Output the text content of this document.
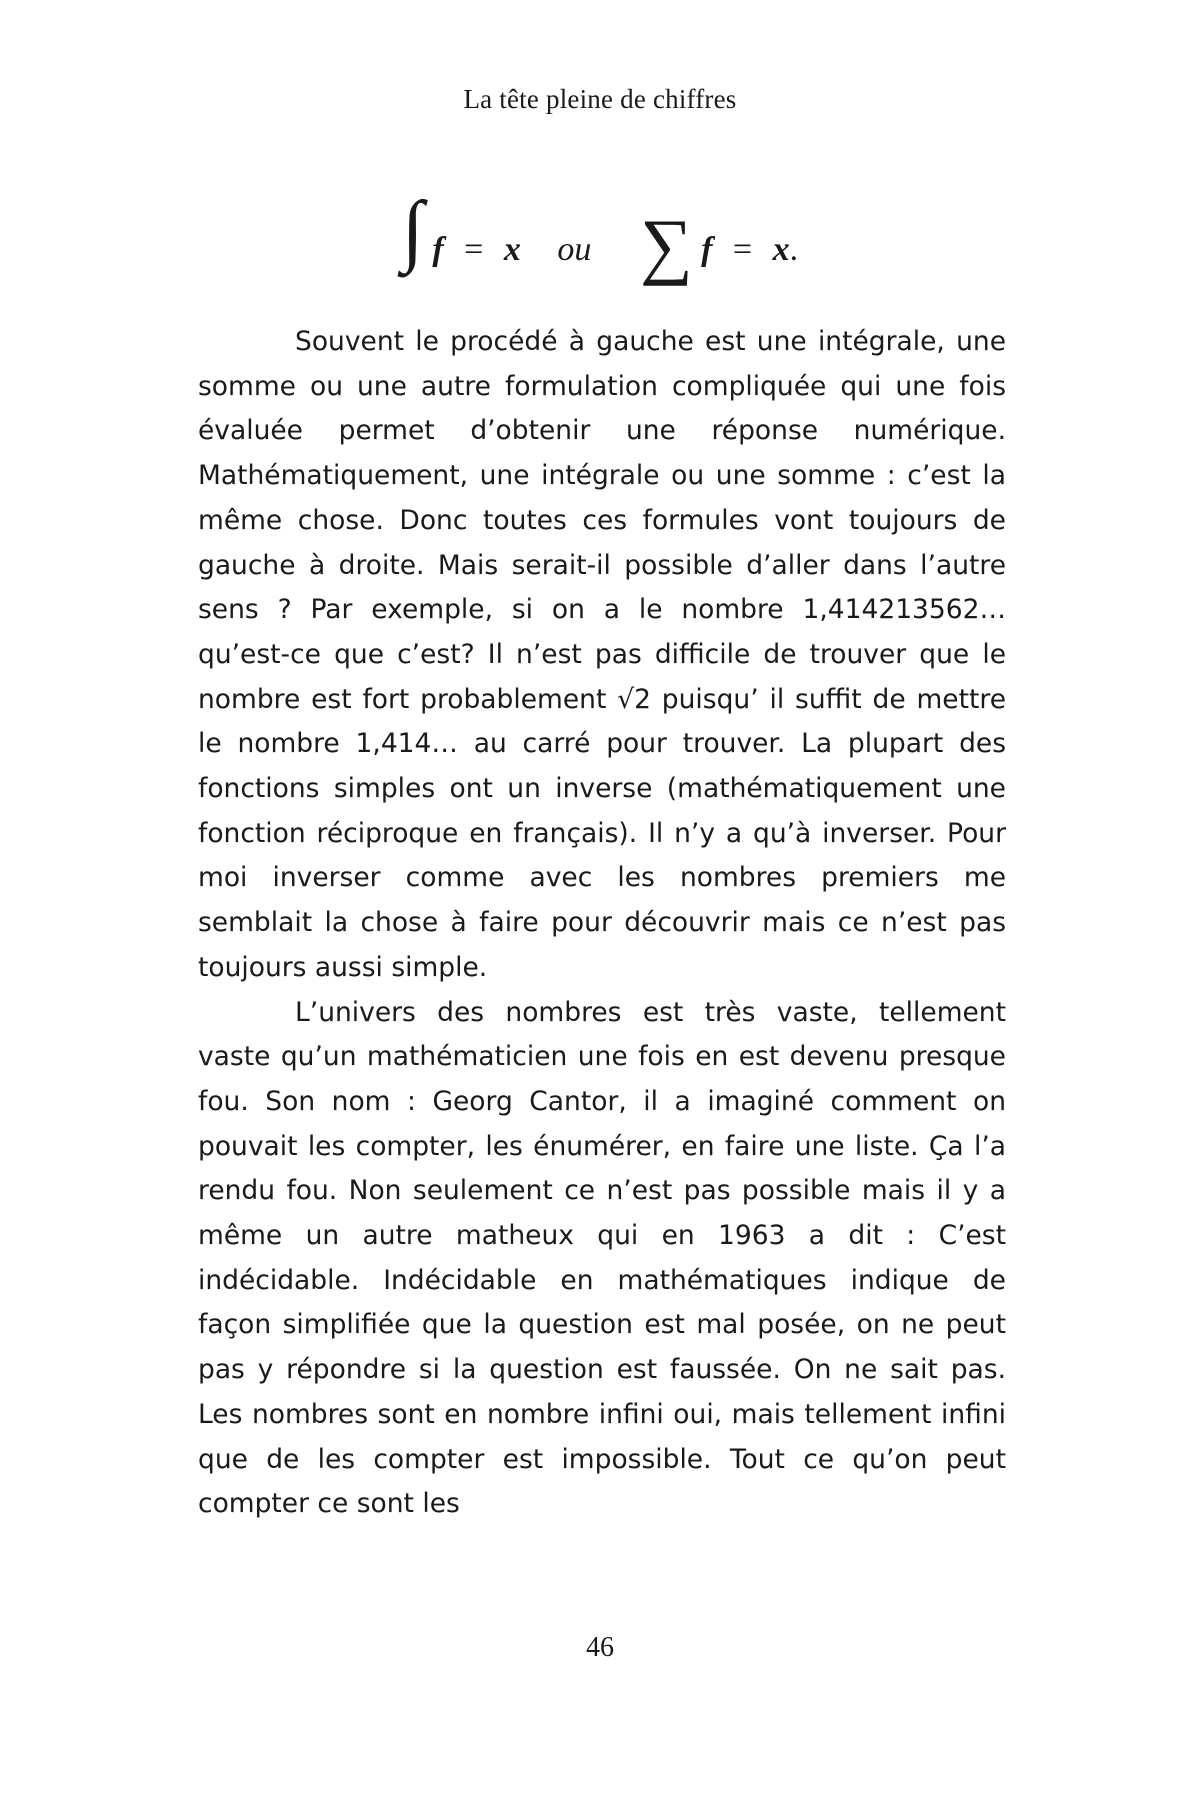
La tête pleine de chiffres
∫ f = x ou ∑ f = x.

Souvent le procédé à gauche est une intégrale, une somme ou une autre formulation compliquée qui une fois évaluée permet d’obtenir une réponse numérique. Mathématiquement, une intégrale ou une somme : c’est la même chose. Donc toutes ces formules vont toujours de gauche à droite. Mais serait-il possible d’aller dans l’autre sens ? Par exemple, si on a le nombre 1,414213562… qu’est-ce que c’est? Il n’est pas difficile de trouver que le nombre est fort probablement √2 puisqu’ il suffit de mettre le nombre 1,414… au carré pour trouver. La plupart des fonctions simples ont un inverse (mathématiquement une fonction réciproque en français). Il n’y a qu’à inverser. Pour moi inverser comme avec les nombres premiers me semblait la chose à faire pour découvrir mais ce n’est pas toujours aussi simple.

L’univers des nombres est très vaste, tellement vaste qu’un mathématicien une fois en est devenu presque fou. Son nom : Georg Cantor, il a imaginé comment on pouvait les compter, les énumérer, en faire une liste. Ça l’a rendu fou. Non seulement ce n’est pas possible mais il y a même un autre matheux qui en 1963 a dit : C’est indécidable. Indécidable en mathématiques indique de façon simplifiée que la question est mal posée, on ne peut pas y répondre si la question est faussée. On ne sait pas. Les nombres sont en nombre infini oui, mais tellement infini que de les compter est impossible. Tout ce qu’on peut compter ce sont les

46
